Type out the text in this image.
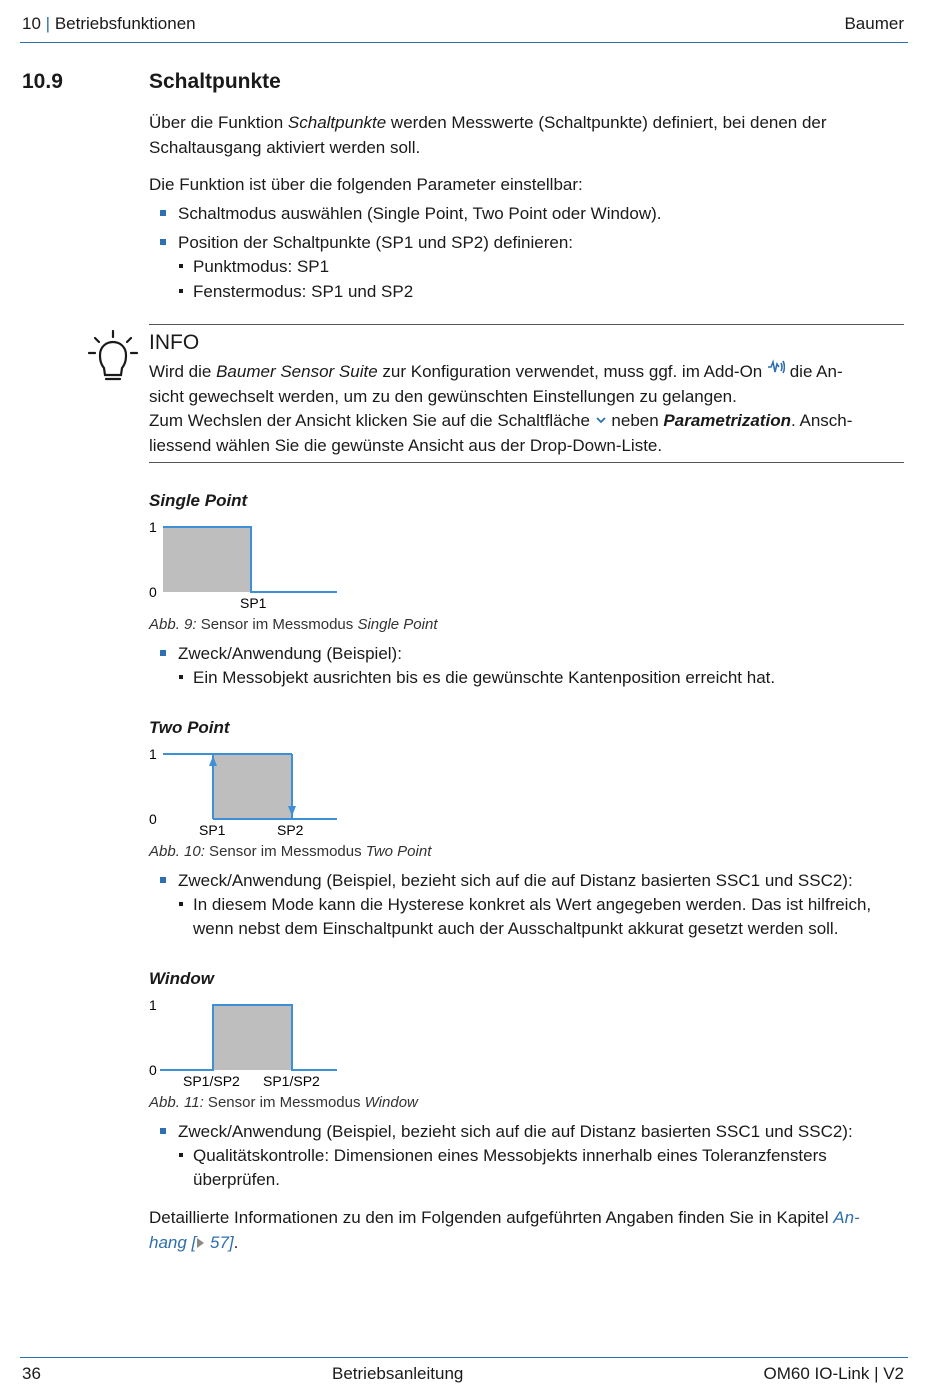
10 | Betriebsfunktionen	Baumer
10.9	Schaltpunkte
Über die Funktion Schaltpunkte werden Messwerte (Schaltpunkte) definiert, bei denen der
Schaltausgang aktiviert werden soll.
Die Funktion ist über die folgenden Parameter einstellbar:
Schaltmodus auswählen (Single Point, Two Point oder Window).
Position der Schaltpunkte (SP1 und SP2) definieren:
Punktmodus: SP1
Fenstermodus: SP1 und SP2
INFO
Wird die Baumer Sensor Suite zur Konfiguration verwendet, muss ggf. im Add-On  die An-
sicht gewechselt werden, um zu den gewünschten Einstellungen zu gelangen.
Zum Wechslen der Ansicht klicken Sie auf die Schaltfläche  neben Parametrization. Ansch-
liessend wählen Sie die gewünste Ansicht aus der Drop-Down-Liste.
Single Point
1
0
SP1
Abb. 9: Sensor im Messmodus Single Point
Zweck/Anwendung (Beispiel):
Ein Messobjekt ausrichten bis es die gewünschte Kantenposition erreicht hat.
Two Point
1
0
SP1	SP2
Abb. 10: Sensor im Messmodus Two Point
Zweck/Anwendung (Beispiel, bezieht sich auf die auf Distanz basierten SSC1 und SSC2):
In diesem Mode kann die Hysterese konkret als Wert angegeben werden. Das ist hilfreich,
wenn nebst dem Einschaltpunkt auch der Ausschaltpunkt akkurat gesetzt werden soll.
Window
1
0
SP1/SP2 SP1/SP2
Abb. 11: Sensor im Messmodus Window
Zweck/Anwendung (Beispiel, bezieht sich auf die auf Distanz basierten SSC1 und SSC2):
Qualitätskontrolle: Dimensionen eines Messobjekts innerhalb eines Toleranzfensters
überprüfen.
Detaillierte Informationen zu den im Folgenden aufgeführten Angaben finden Sie in Kapitel An-
hang [ 57].
36	Betriebsanleitung	OM60 IO-Link | V2
